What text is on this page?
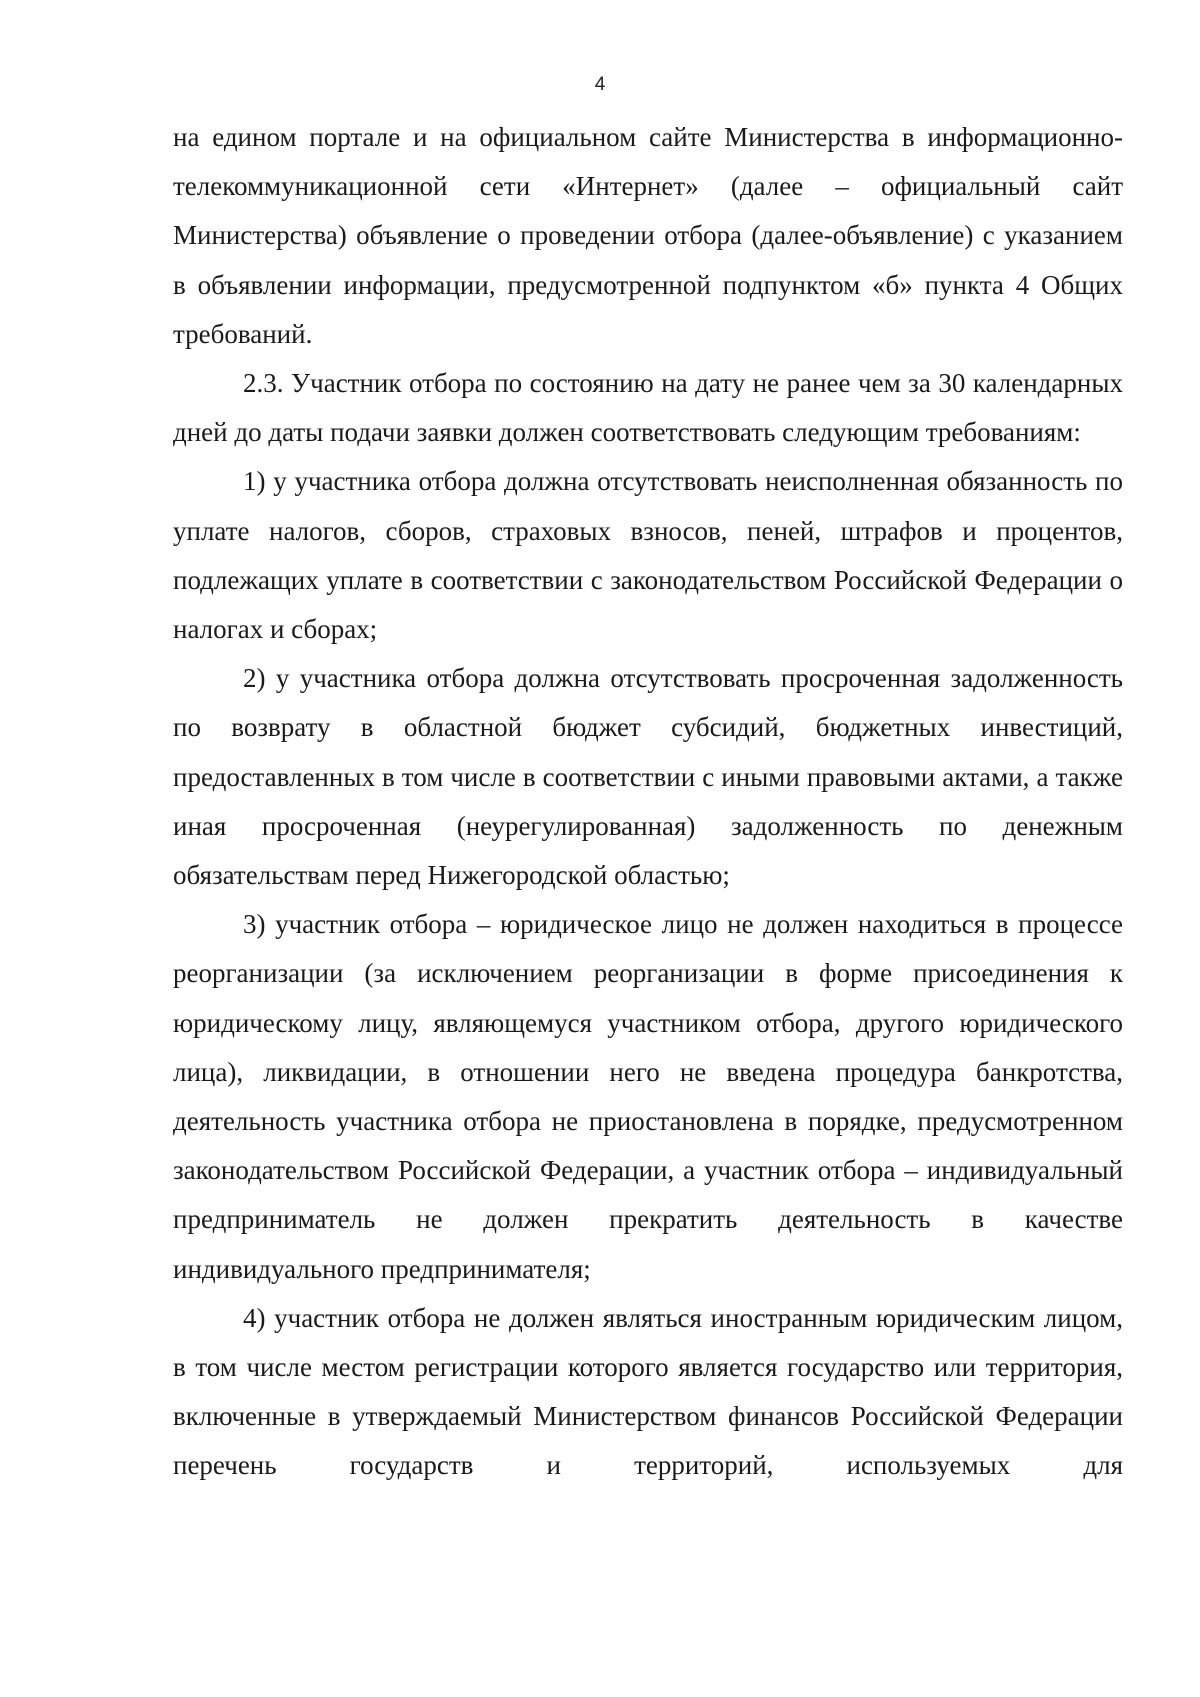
4

на едином портале и на официальном сайте Министерства в информационно-телекоммуникационной сети «Интернет» (далее – официальный сайт Министерства) объявление о проведении отбора (далее-объявление) с указанием в объявлении информации, предусмотренной подпунктом «б» пункта 4 Общих требований.

2.3. Участник отбора по состоянию на дату не ранее чем за 30 календарных дней до даты подачи заявки должен соответствовать следующим требованиям:

1) у участника отбора должна отсутствовать неисполненная обязанность по уплате налогов, сборов, страховых взносов, пеней, штрафов и процентов, подлежащих уплате в соответствии с законодательством Российской Федерации о налогах и сборах;

2) у участника отбора должна отсутствовать просроченная задолженность по возврату в областной бюджет субсидий, бюджетных инвестиций, предоставленных в том числе в соответствии с иными правовыми актами, а также иная просроченная (неурегулированная) задолженность по денежным обязательствам перед Нижегородской областью;

3) участник отбора – юридическое лицо не должен находиться в процессе реорганизации (за исключением реорганизации в форме присоединения к юридическому лицу, являющемуся участником отбора, другого юридического лица), ликвидации, в отношении него не введена процедура банкротства, деятельность участника отбора не приостановлена в порядке, предусмотренном законодательством Российской Федерации, а участник отбора – индивидуальный предприниматель не должен прекратить деятельность в качестве индивидуального предпринимателя;

4) участник отбора не должен являться иностранным юридическим лицом, в том числе местом регистрации которого является государство или территория, включенные в утверждаемый Министерством финансов Российской Федерации перечень государств и территорий, используемых для
